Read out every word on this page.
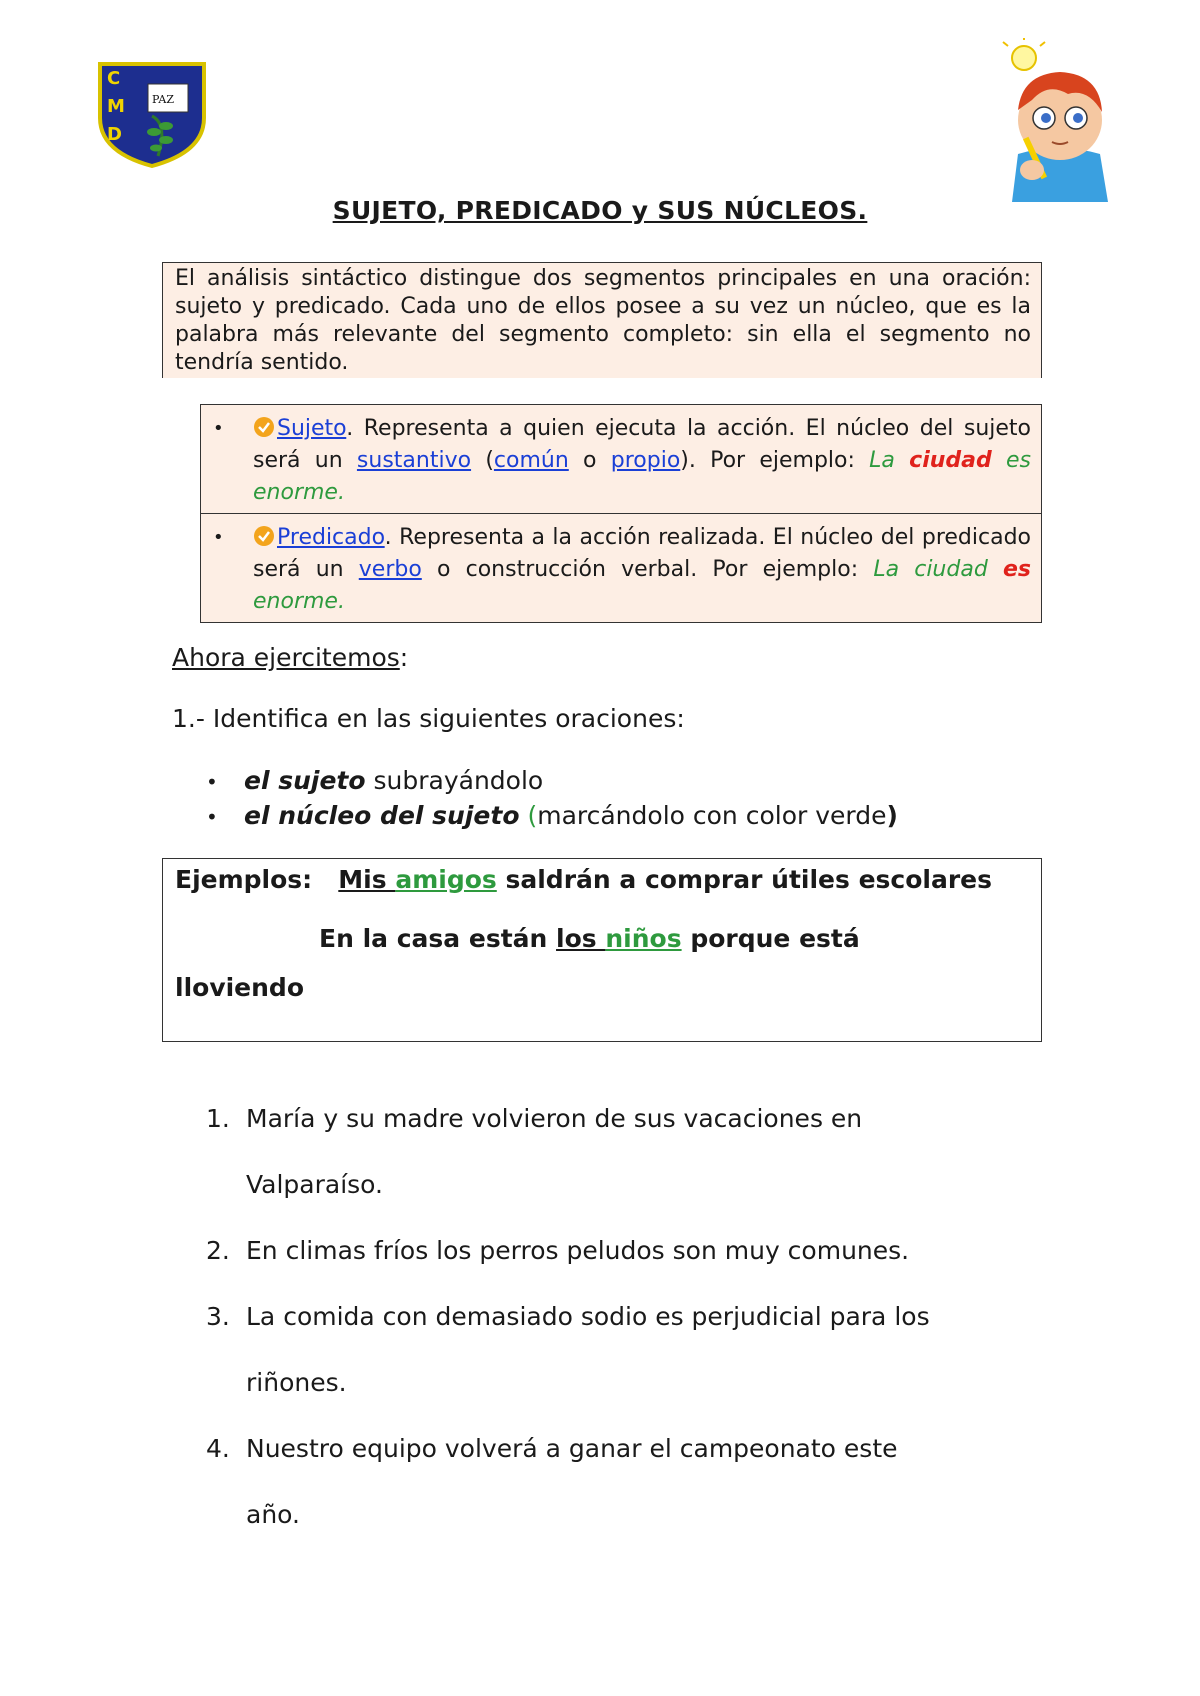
C
M
D
PAZ
SUJETO, PREDICADO y SUS NÚCLEOS.
El análisis sintáctico distingue dos segmentos principales en una oración: sujeto y predicado. Cada uno de ellos posee a su vez un núcleo, que es la palabra más relevante del segmento completo: sin ella el segmento no tendría sentido.
•	Sujeto. Representa a quien ejecuta la acción. El núcleo del sujeto será un sustantivo (común o propio). Por ejemplo: La ciudad es enorme.
•	Predicado. Representa a la acción realizada. El núcleo del predicado será un verbo o construcción verbal. Por ejemplo: La ciudad es enorme.
Ahora ejercitemos:
1.- Identifica en las siguientes oraciones:
•	el sujeto subrayándolo
•	el núcleo del sujeto (marcándolo con color verde)
Ejemplos: Mis amigos saldrán a comprar útiles escolares
En la casa están los niños porque está
lloviendo
1. María y su madre volvieron de sus vacaciones en
Valparaíso.
2. En climas fríos los perros peludos son muy comunes.
3. La comida con demasiado sodio es perjudicial para los
riñones.
4. Nuestro equipo volverá a ganar el campeonato este
año.
